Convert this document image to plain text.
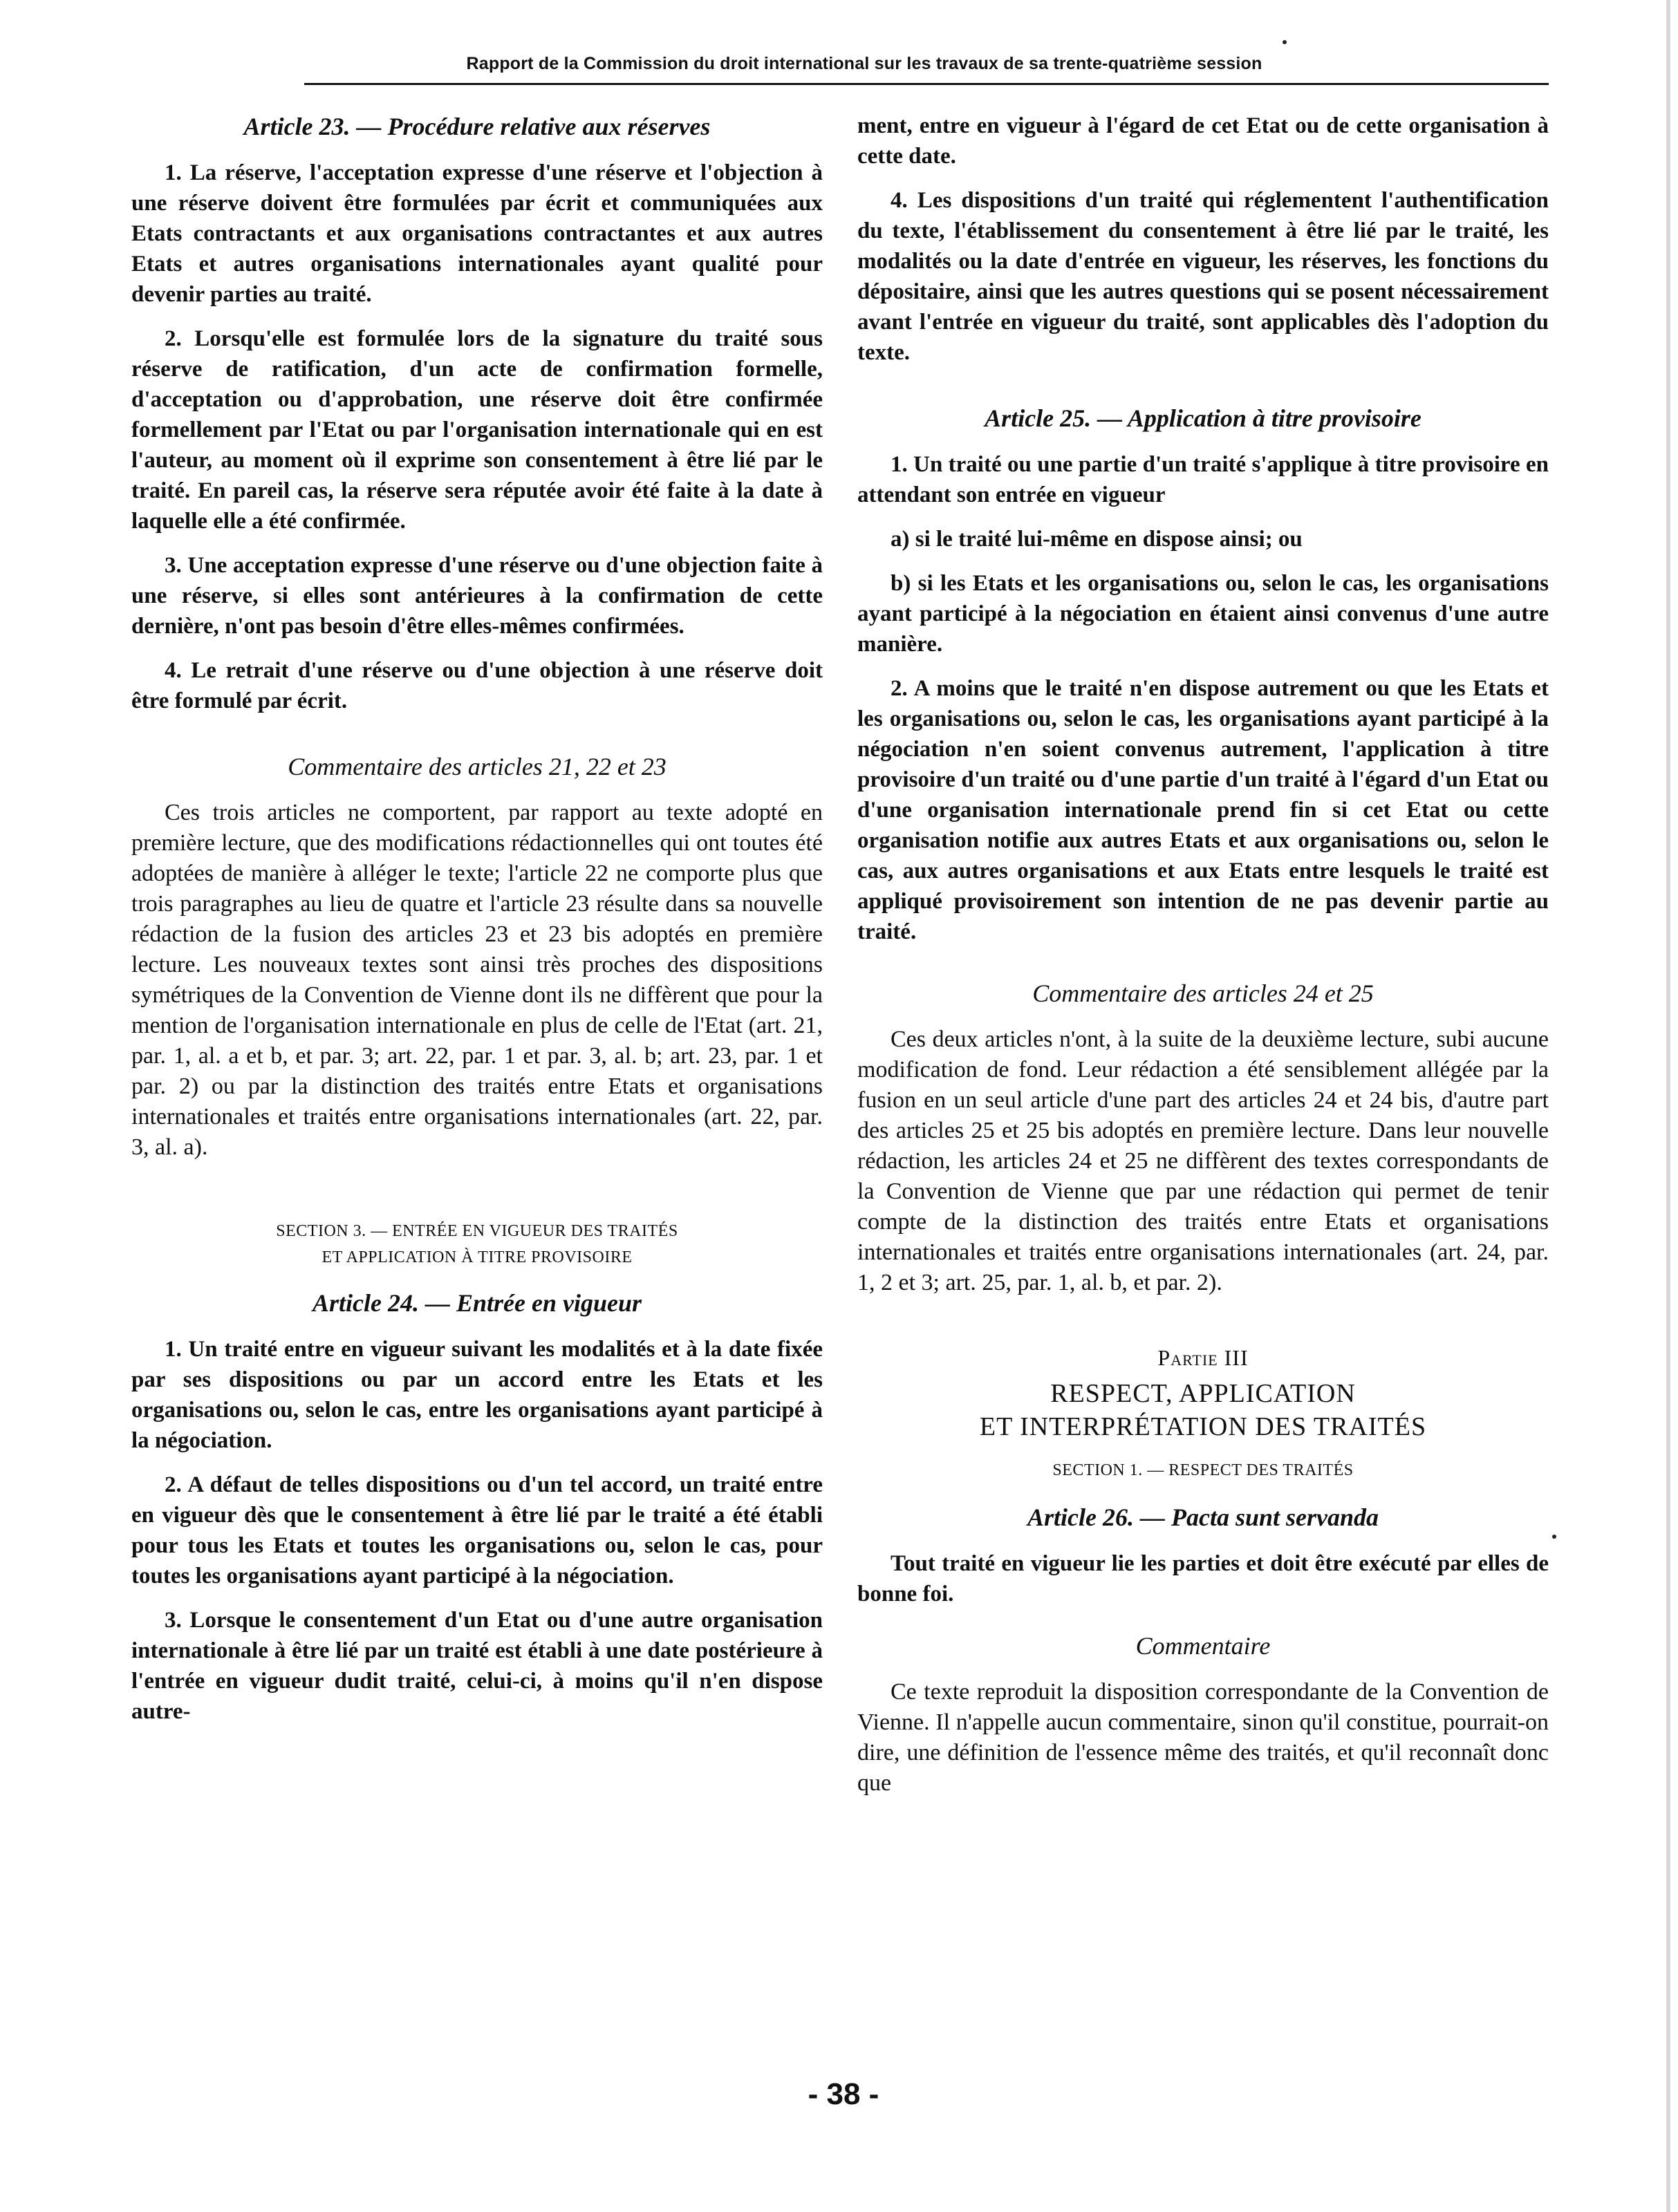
Rapport de la Commission du droit international sur les travaux de sa trente-quatrième session

Article 23. — Procédure relative aux réserves

1. La réserve, l'acceptation expresse d'une réserve et l'objection à une réserve doivent être formulées par écrit et communiquées aux Etats contractants et aux organisations contractantes et aux autres Etats et autres organisations internationales ayant qualité pour devenir parties au traité.

2. Lorsqu'elle est formulée lors de la signature du traité sous réserve de ratification, d'un acte de confirmation formelle, d'acceptation ou d'approbation, une réserve doit être confirmée formellement par l'Etat ou par l'organisation internationale qui en est l'auteur, au moment où il exprime son consentement à être lié par le traité. En pareil cas, la réserve sera réputée avoir été faite à la date à laquelle elle a été confirmée.

3. Une acceptation expresse d'une réserve ou d'une objection faite à une réserve, si elles sont antérieures à la confirmation de cette dernière, n'ont pas besoin d'être elles-mêmes confirmées.

4. Le retrait d'une réserve ou d'une objection à une réserve doit être formulé par écrit.

Commentaire des articles 21, 22 et 23

Ces trois articles ne comportent, par rapport au texte adopté en première lecture, que des modifications rédactionnelles qui ont toutes été adoptées de manière à alléger le texte; l'article 22 ne comporte plus que trois paragraphes au lieu de quatre et l'article 23 résulte dans sa nouvelle rédaction de la fusion des articles 23 et 23 bis adoptés en première lecture. Les nouveaux textes sont ainsi très proches des dispositions symétriques de la Convention de Vienne dont ils ne diffèrent que pour la mention de l'organisation internationale en plus de celle de l'Etat (art. 21, par. 1, al. a et b, et par. 3; art. 22, par. 1 et par. 3, al. b; art. 23, par. 1 et par. 2) ou par la distinction des traités entre Etats et organisations internationales et traités entre organisations internationales (art. 22, par. 3, al. a).

SECTION 3. — ENTRÉE EN VIGUEUR DES TRAITÉS

ET APPLICATION À TITRE PROVISOIRE

Article 24. — Entrée en vigueur

1. Un traité entre en vigueur suivant les modalités et à la date fixée par ses dispositions ou par un accord entre les Etats et les organisations ou, selon le cas, entre les organisations ayant participé à la négociation.

2. A défaut de telles dispositions ou d'un tel accord, un traité entre en vigueur dès que le consentement à être lié par le traité a été établi pour tous les Etats et toutes les organisations ou, selon le cas, pour toutes les organisations ayant participé à la négociation.

3. Lorsque le consentement d'un Etat ou d'une autre organisation internationale à être lié par un traité est établi à une date postérieure à l'entrée en vigueur dudit traité, celui-ci, à moins qu'il n'en dispose autre-

ment, entre en vigueur à l'égard de cet Etat ou de cette organisation à cette date.

4. Les dispositions d'un traité qui réglementent l'authentification du texte, l'établissement du consentement à être lié par le traité, les modalités ou la date d'entrée en vigueur, les réserves, les fonctions du dépositaire, ainsi que les autres questions qui se posent nécessairement avant l'entrée en vigueur du traité, sont applicables dès l'adoption du texte.

Article 25. — Application à titre provisoire

1. Un traité ou une partie d'un traité s'applique à titre provisoire en attendant son entrée en vigueur

a) si le traité lui-même en dispose ainsi; ou

b) si les Etats et les organisations ou, selon le cas, les organisations ayant participé à la négociation en étaient ainsi convenus d'une autre manière.

2. A moins que le traité n'en dispose autrement ou que les Etats et les organisations ou, selon le cas, les organisations ayant participé à la négociation n'en soient convenus autrement, l'application à titre provisoire d'un traité ou d'une partie d'un traité à l'égard d'un Etat ou d'une organisation internationale prend fin si cet Etat ou cette organisation notifie aux autres Etats et aux organisations ou, selon le cas, aux autres organisations et aux Etats entre lesquels le traité est appliqué provisoirement son intention de ne pas devenir partie au traité.

Commentaire des articles 24 et 25

Ces deux articles n'ont, à la suite de la deuxième lecture, subi aucune modification de fond. Leur rédaction a été sensiblement allégée par la fusion en un seul article d'une part des articles 24 et 24 bis, d'autre part des articles 25 et 25 bis adoptés en première lecture. Dans leur nouvelle rédaction, les articles 24 et 25 ne diffèrent des textes correspondants de la Convention de Vienne que par une rédaction qui permet de tenir compte de la distinction des traités entre Etats et organisations internationales et traités entre organisations internationales (art. 24, par. 1, 2 et 3; art. 25, par. 1, al. b, et par. 2).

Partie III

RESPECT, APPLICATION

ET INTERPRÉTATION DES TRAITÉS

SECTION 1. — RESPECT DES TRAITÉS

Article 26. — Pacta sunt servanda

Tout traité en vigueur lie les parties et doit être exécuté par elles de bonne foi.

Commentaire

Ce texte reproduit la disposition correspondante de la Convention de Vienne. Il n'appelle aucun commentaire, sinon qu'il constitue, pourrait-on dire, une définition de l'essence même des traités, et qu'il reconnaît donc que

- 38 -
